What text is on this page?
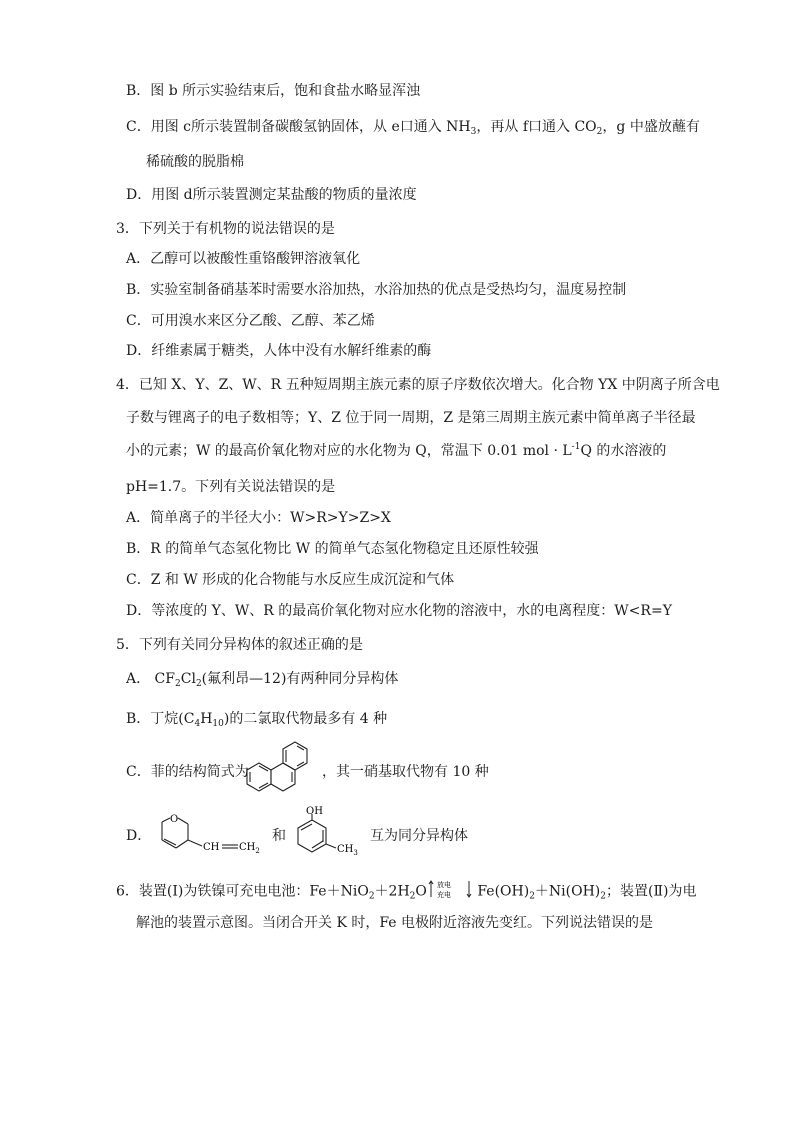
B．图 b 所示实验结束后，饱和食盐水略显浑浊
C．用图 c所示装置制备碳酸氢钠固体，从 e口通入 $NH_3$，再从 f口通入 $CO_2$，g 中盛放蘸有
稀硫酸的脱脂棉
D．用图 d所示装置测定某盐酸的物质的量浓度
3．下列关于有机物的说法错误的是
A．乙醇可以被酸性重铬酸钾溶液氧化
B．实验室制备硝基苯时需要水浴加热，水浴加热的优点是受热均匀，温度易控制
C．可用溴水来区分乙酸、乙醇、苯乙烯
D．纤维素属于糖类，人体中没有水解纤维素的酶
4．已知 X、Y、Z、W、R 五种短周期主族元素的原子序数依次增大。化合物 YX 中阴离子所含电
子数与锂离子的电子数相等；Y、Z 位于同一周期，Z 是第三周期主族元素中简单离子半径最
小的元素；W 的最高价氧化物对应的水化物为 Q，常温下 0.01 mol · $L^{-1}Q$ 的水溶液的
pH=1.7。下列有关说法错误的是
A．简单离子的半径大小：W>R>Y>Z>X
B．R 的简单气态氢化物比 W 的简单气态氢化物稳定且还原性较强
C．Z 和 W 形成的化合物能与水反应生成沉淀和气体
D．等浓度的 Y、W、R 的最高价氧化物对应水化物的溶液中，水的电离程度：W<R=Y
5．下列有关同分异构体的叙述正确的是
A． $CF_2Cl_2$(氟利昂—12)有两种同分异构体
B．丁烷$(C_4H_{10})$的二氯取代物最多有 4 种
C．菲的结构简式为	，其一硝基取代物有 10 种
D．
O
CH $CH_2$
和
OH
$CH_3$
互为同分异构体
6．装置(Ⅰ)为铁镍可充电电池：$Fe+NiO_2+2H_2O$ 放电
充电 $Fe(OH)_2+Ni(OH)_2$；装置(Ⅱ)为电
解池的装置示意图。当闭合开关 K 时，Fe 电极附近溶液先变红。下列说法错误的是
